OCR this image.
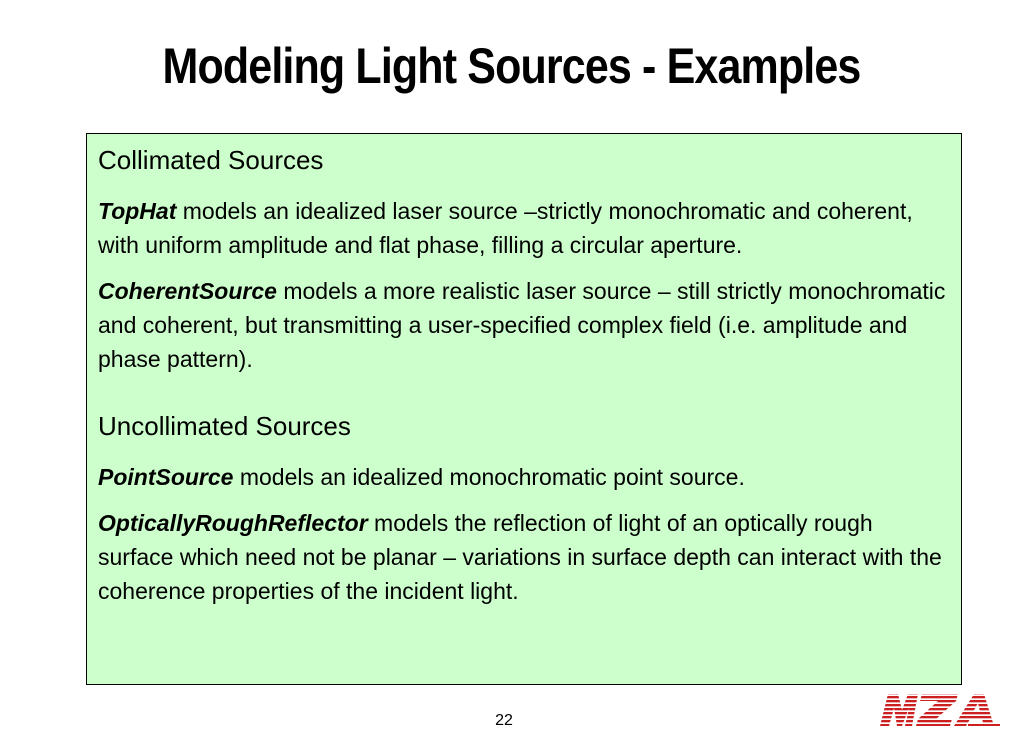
Modeling Light Sources - Examples

Collimated Sources

TopHat models an idealized laser source –strictly monochromatic and coherent, with uniform amplitude and flat phase, filling a circular aperture.

CoherentSource models a more realistic laser source – still strictly monochromatic and coherent, but transmitting a user-specified complex field (i.e. amplitude and phase pattern).

Uncollimated Sources

PointSource models an idealized monochromatic point source.

OpticallyRoughReflector models the reflection of light of an optically rough surface which need not be planar – variations in surface depth can interact with the coherence properties of the incident light.

22
